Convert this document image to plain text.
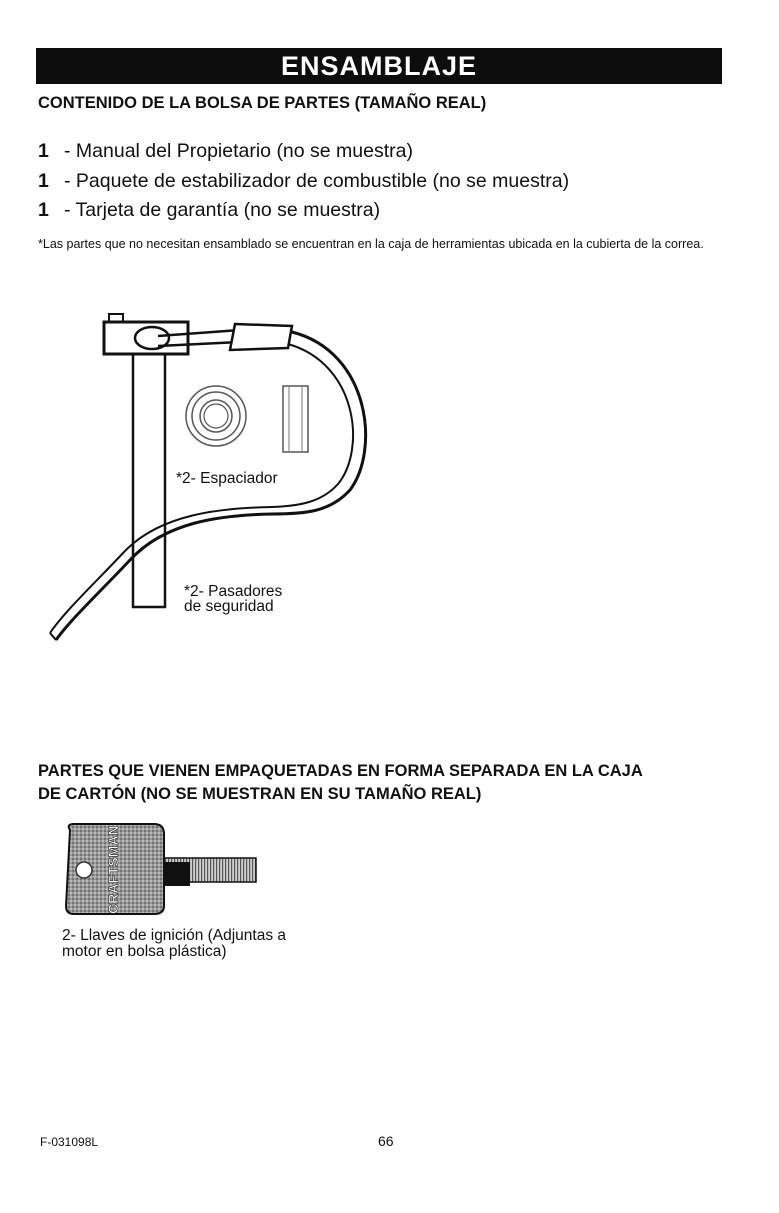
ENSAMBLAJE
CONTENIDO DE LA BOLSA DE PARTES (TAMAÑO REAL)
1 - Manual del Propietario (no se muestra)
1 - Paquete de estabilizador de combustible (no se muestra)
1 - Tarjeta de garantía (no se muestra)
*Las partes que no necesitan ensamblado se encuentran en la caja de herramientas ubicada en la cubierta de la correa.
*2- Espaciador
*2- Pasadores
de seguridad
PARTES QUE VIENEN EMPAQUETADAS EN FORMA SEPARADA EN LA CAJA
DE CARTÓN (NO SE MUESTRAN EN SU TAMAÑO REAL)
CRAFTSMAN
2- Llaves de ignición (Adjuntas a
motor en bolsa plástica)
F-031098L	66
